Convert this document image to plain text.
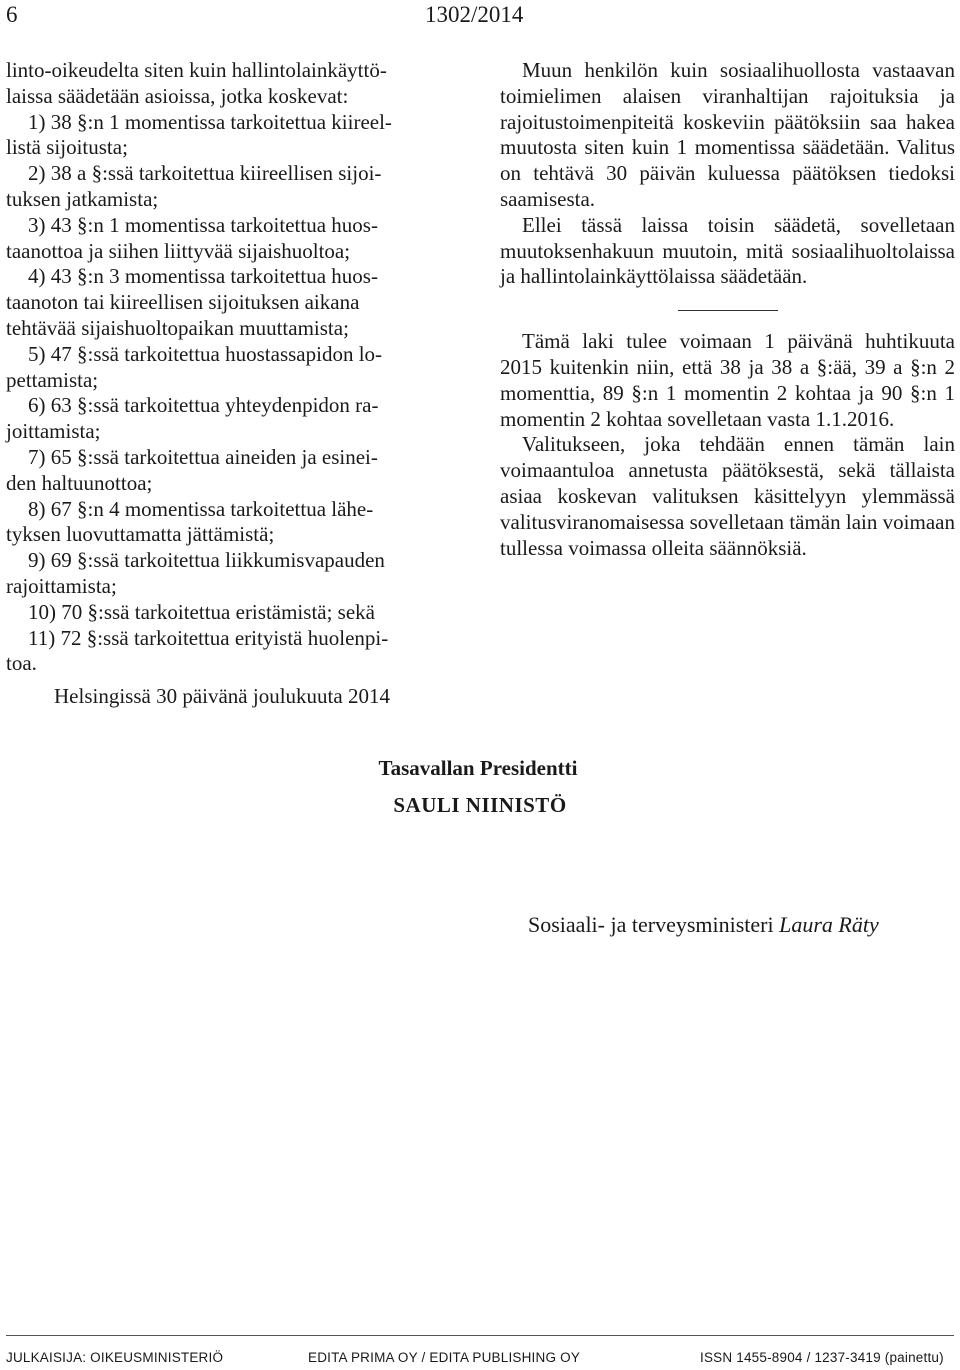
6	1302/2014

linto-oikeudelta siten kuin hallintolainkäyttö-

laissa säädetään asioissa, jotka koskevat:

1) 38 §:n 1 momentissa tarkoitettua kiireel-

listä sijoitusta;

2) 38 a §:ssä tarkoitettua kiireellisen sijoi-

tuksen jatkamista;

3) 43 §:n 1 momentissa tarkoitettua huos-

taanottoa ja siihen liittyvää sijaishuoltoa;

4) 43 §:n 3 momentissa tarkoitettua huos-

taanoton tai kiireellisen sijoituksen aikana

tehtävää sijaishuoltopaikan muuttamista;

5) 47 §:ssä tarkoitettua huostassapidon lo-

pettamista;

6) 63 §:ssä tarkoitettua yhteydenpidon ra-

joittamista;

7) 65 §:ssä tarkoitettua aineiden ja esinei-

den haltuunottoa;

8) 67 §:n 4 momentissa tarkoitettua lähe-

tyksen luovuttamatta jättämistä;

9) 69 §:ssä tarkoitettua liikkumisvapauden

rajoittamista;

10) 70 §:ssä tarkoitettua eristämistä; sekä

11) 72 §:ssä tarkoitettua erityistä huolenpi-

toa.

Muun henkilön kuin sosiaalihuollosta vastaavan toimielimen alaisen viranhaltijan rajoituksia ja rajoitustoimenpiteitä koskeviin päätöksiin saa hakea muutosta siten kuin 1 momentissa säädetään. Valitus on tehtävä 30 päivän kuluessa päätöksen tiedoksi saamisesta.

Ellei tässä laissa toisin säädetä, sovelletaan muutoksenhakuun muutoin, mitä sosiaalihuoltolaissa ja hallintolainkäyttölaissa säädetään.

Tämä laki tulee voimaan 1 päivänä huhtikuuta 2015 kuitenkin niin, että 38 ja 38 a §:ää, 39 a §:n 2 momenttia, 89 §:n 1 momentin 2 kohtaa ja 90 §:n 1 momentin 2 kohtaa sovelletaan vasta 1.1.2016.

Valitukseen, joka tehdään ennen tämän lain voimaantuloa annetusta päätöksestä, sekä tällaista asiaa koskevan valituksen käsittelyyn ylemmässä valitusviranomaisessa sovelletaan tämän lain voimaan tullessa voimassa olleita säännöksiä.

Helsingissä 30 päivänä joulukuuta 2014
Tasavallan Presidentti
SAULI NIINISTÖ
Sosiaali- ja terveysministeri Laura Räty
JULKAISIJA: OIKEUSMINISTERIÖ	EDITA PRIMA OY / EDITA PUBLISHING OY	ISSN 1455-8904 / 1237-3419 (painettu)
